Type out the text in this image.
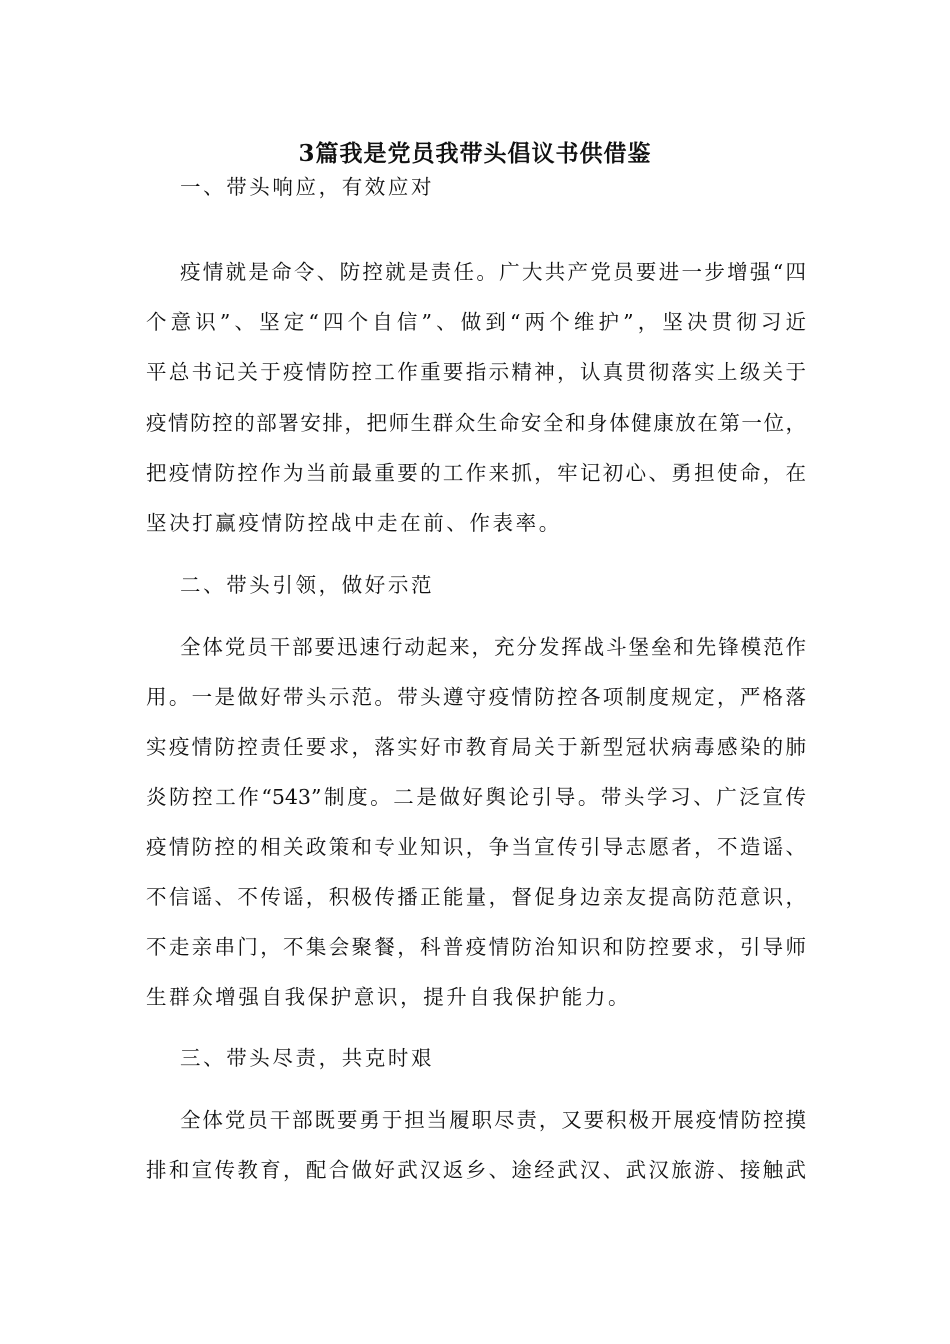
3篇我是党员我带头倡议书供借鉴

一、带头响应，有效应对

疫情就是命令、防控就是责任。广大共产党员要进一步增强“四

个意识”、坚定“四个自信”、做到“两个维护”，坚决贯彻习近

平总书记关于疫情防控工作重要指示精神，认真贯彻落实上级关于

疫情防控的部署安排，把师生群众生命安全和身体健康放在第一位，

把疫情防控作为当前最重要的工作来抓，牢记初心、勇担使命，在

坚决打赢疫情防控战中走在前、作表率。

二、带头引领，做好示范

全体党员干部要迅速行动起来，充分发挥战斗堡垒和先锋模范作

用。一是做好带头示范。带头遵守疫情防控各项制度规定，严格落

实疫情防控责任要求，落实好市教育局关于新型冠状病毒感染的肺

炎防控工作“543”制度。二是做好舆论引导。带头学习、广泛宣传

疫情防控的相关政策和专业知识，争当宣传引导志愿者，不造谣、

不信谣、不传谣，积极传播正能量，督促身边亲友提高防范意识，

不走亲串门，不集会聚餐，科普疫情防治知识和防控要求，引导师

生群众增强自我保护意识，提升自我保护能力。

三、带头尽责，共克时艰

全体党员干部既要勇于担当履职尽责，又要积极开展疫情防控摸

排和宣传教育，配合做好武汉返乡、途经武汉、武汉旅游、接触武
